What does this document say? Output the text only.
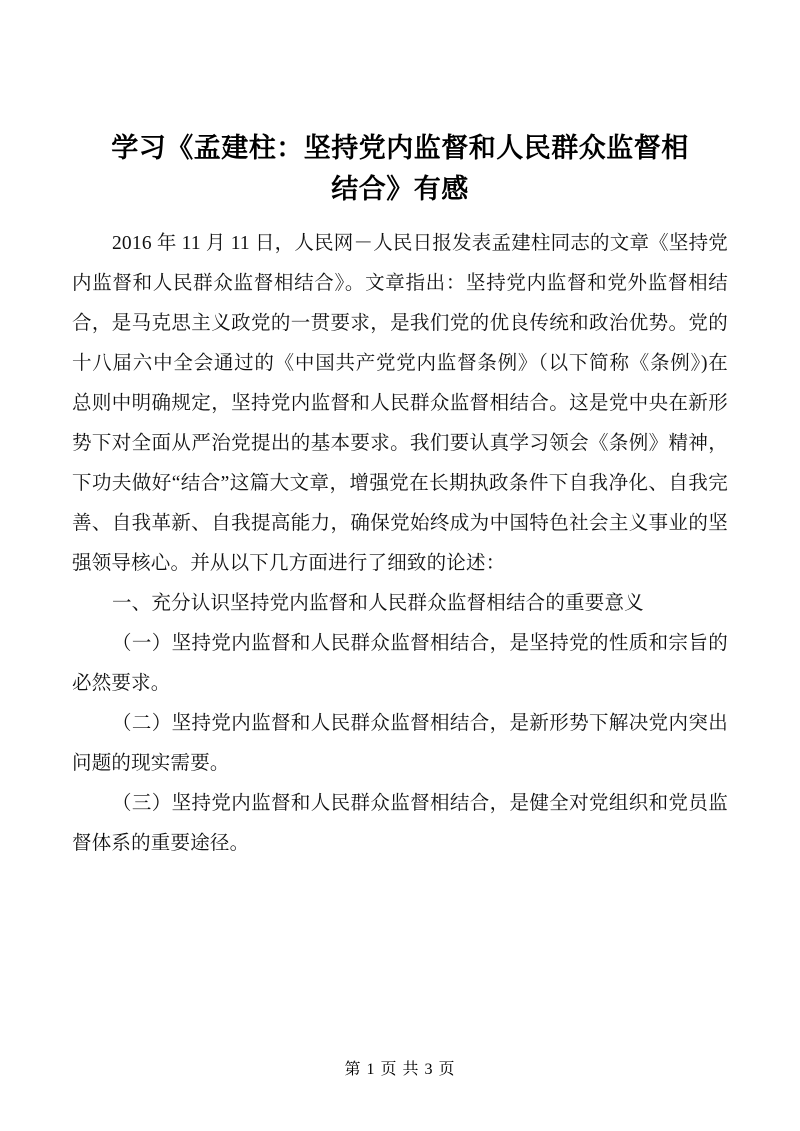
学习《孟建柱：坚持党内监督和人民群众监督相结合》有感

2016 年 11 月 11 日，人民网－人民日报发表孟建柱同志的文章《坚持党内监督和人民群众监督相结合》。文章指出：坚持党内监督和党外监督相结合，是马克思主义政党的一贯要求，是我们党的优良传统和政治优势。党的十八届六中全会通过的《中国共产党党内监督条例》（以下简称《条例》)在总则中明确规定，坚持党内监督和人民群众监督相结合。这是党中央在新形势下对全面从严治党提出的基本要求。我们要认真学习领会《条例》精神，下功夫做好“结合”这篇大文章，增强党在长期执政条件下自我净化、自我完善、自我革新、自我提高能力，确保党始终成为中国特色社会主义事业的坚强领导核心。并从以下几方面进行了细致的论述：

一、充分认识坚持党内监督和人民群众监督相结合的重要意义

（一）坚持党内监督和人民群众监督相结合，是坚持党的性质和宗旨的必然要求。

（二）坚持党内监督和人民群众监督相结合，是新形势下解决党内突出问题的现实需要。

（三）坚持党内监督和人民群众监督相结合，是健全对党组织和党员监督体系的重要途径。

第 1 页 共 3 页
